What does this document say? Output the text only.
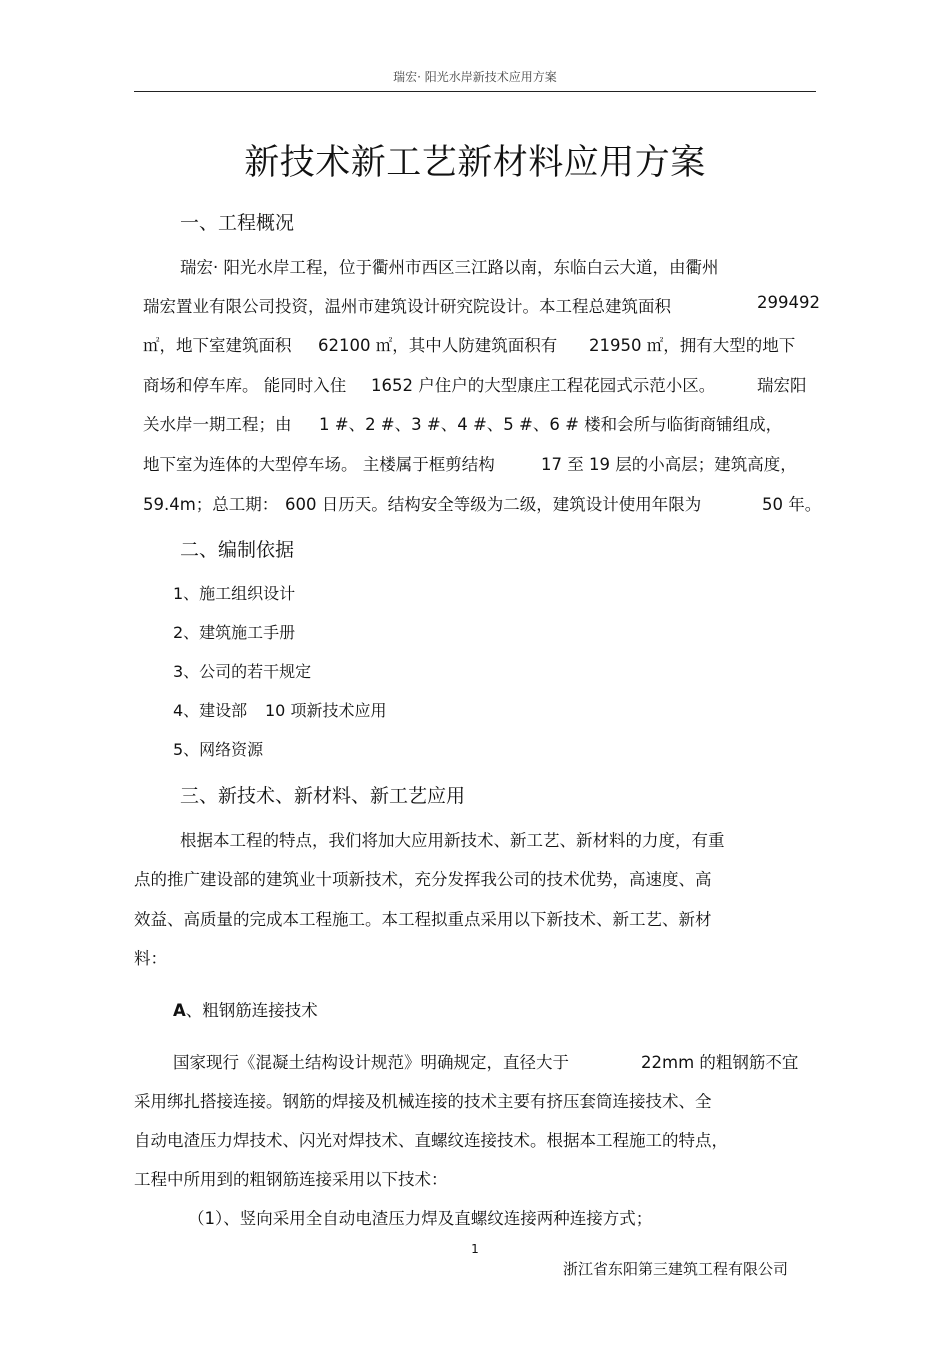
瑞宏· 阳光水岸新技术应用方案
新技术新工艺新材料应用方案
一、工程概况
瑞宏· 阳光水岸工程，位于衢州市西区三江路以南，东临白云大道，由衢州
瑞宏置业有限公司投资，温州市建筑设计研究院设计。本工程总建筑面积	299492
㎡，地下室建筑面积 62100 ㎡，其中人防建筑面积有 21950 ㎡，拥有大型的地下
商场和停车库。 能同时入住 1652 户住户的大型康庄工程花园式示范小区。	瑞宏阳
关水岸一期工程；由 1 #、2 #、3 #、4 #、5 #、6 # 楼和会所与临街商铺组成，
地下室为连体的大型停车场。 主楼属于框剪结构	17 至 19 层的小高层；建筑高度，
59.4m；总工期： 600 日历天。结构安全等级为二级，建筑设计使用年限为	50 年。
二、编制依据
1、施工组织设计
2、建筑施工手册
3、公司的若干规定
4、建设部 10 项新技术应用
5、网络资源
三、新技术、新材料、新工艺应用
根据本工程的特点，我们将加大应用新技术、新工艺、新材料的力度，有重
点的推广建设部的建筑业十项新技术，充分发挥我公司的技术优势，高速度、高
效益、高质量的完成本工程施工。本工程拟重点采用以下新技术、新工艺、新材
料：
A、粗钢筋连接技术
国家现行《混凝土结构设计规范》明确规定，直径大于	22mm 的粗钢筋不宜
采用绑扎搭接连接。钢筋的焊接及机械连接的技术主要有挤压套筒连接技术、全
自动电渣压力焊技术、闪光对焊技术、直螺纹连接技术。根据本工程施工的特点，
工程中所用到的粗钢筋连接采用以下技术：
（1）、竖向采用全自动电渣压力焊及直螺纹连接两种连接方式；
1
浙江省东阳第三建筑工程有限公司
